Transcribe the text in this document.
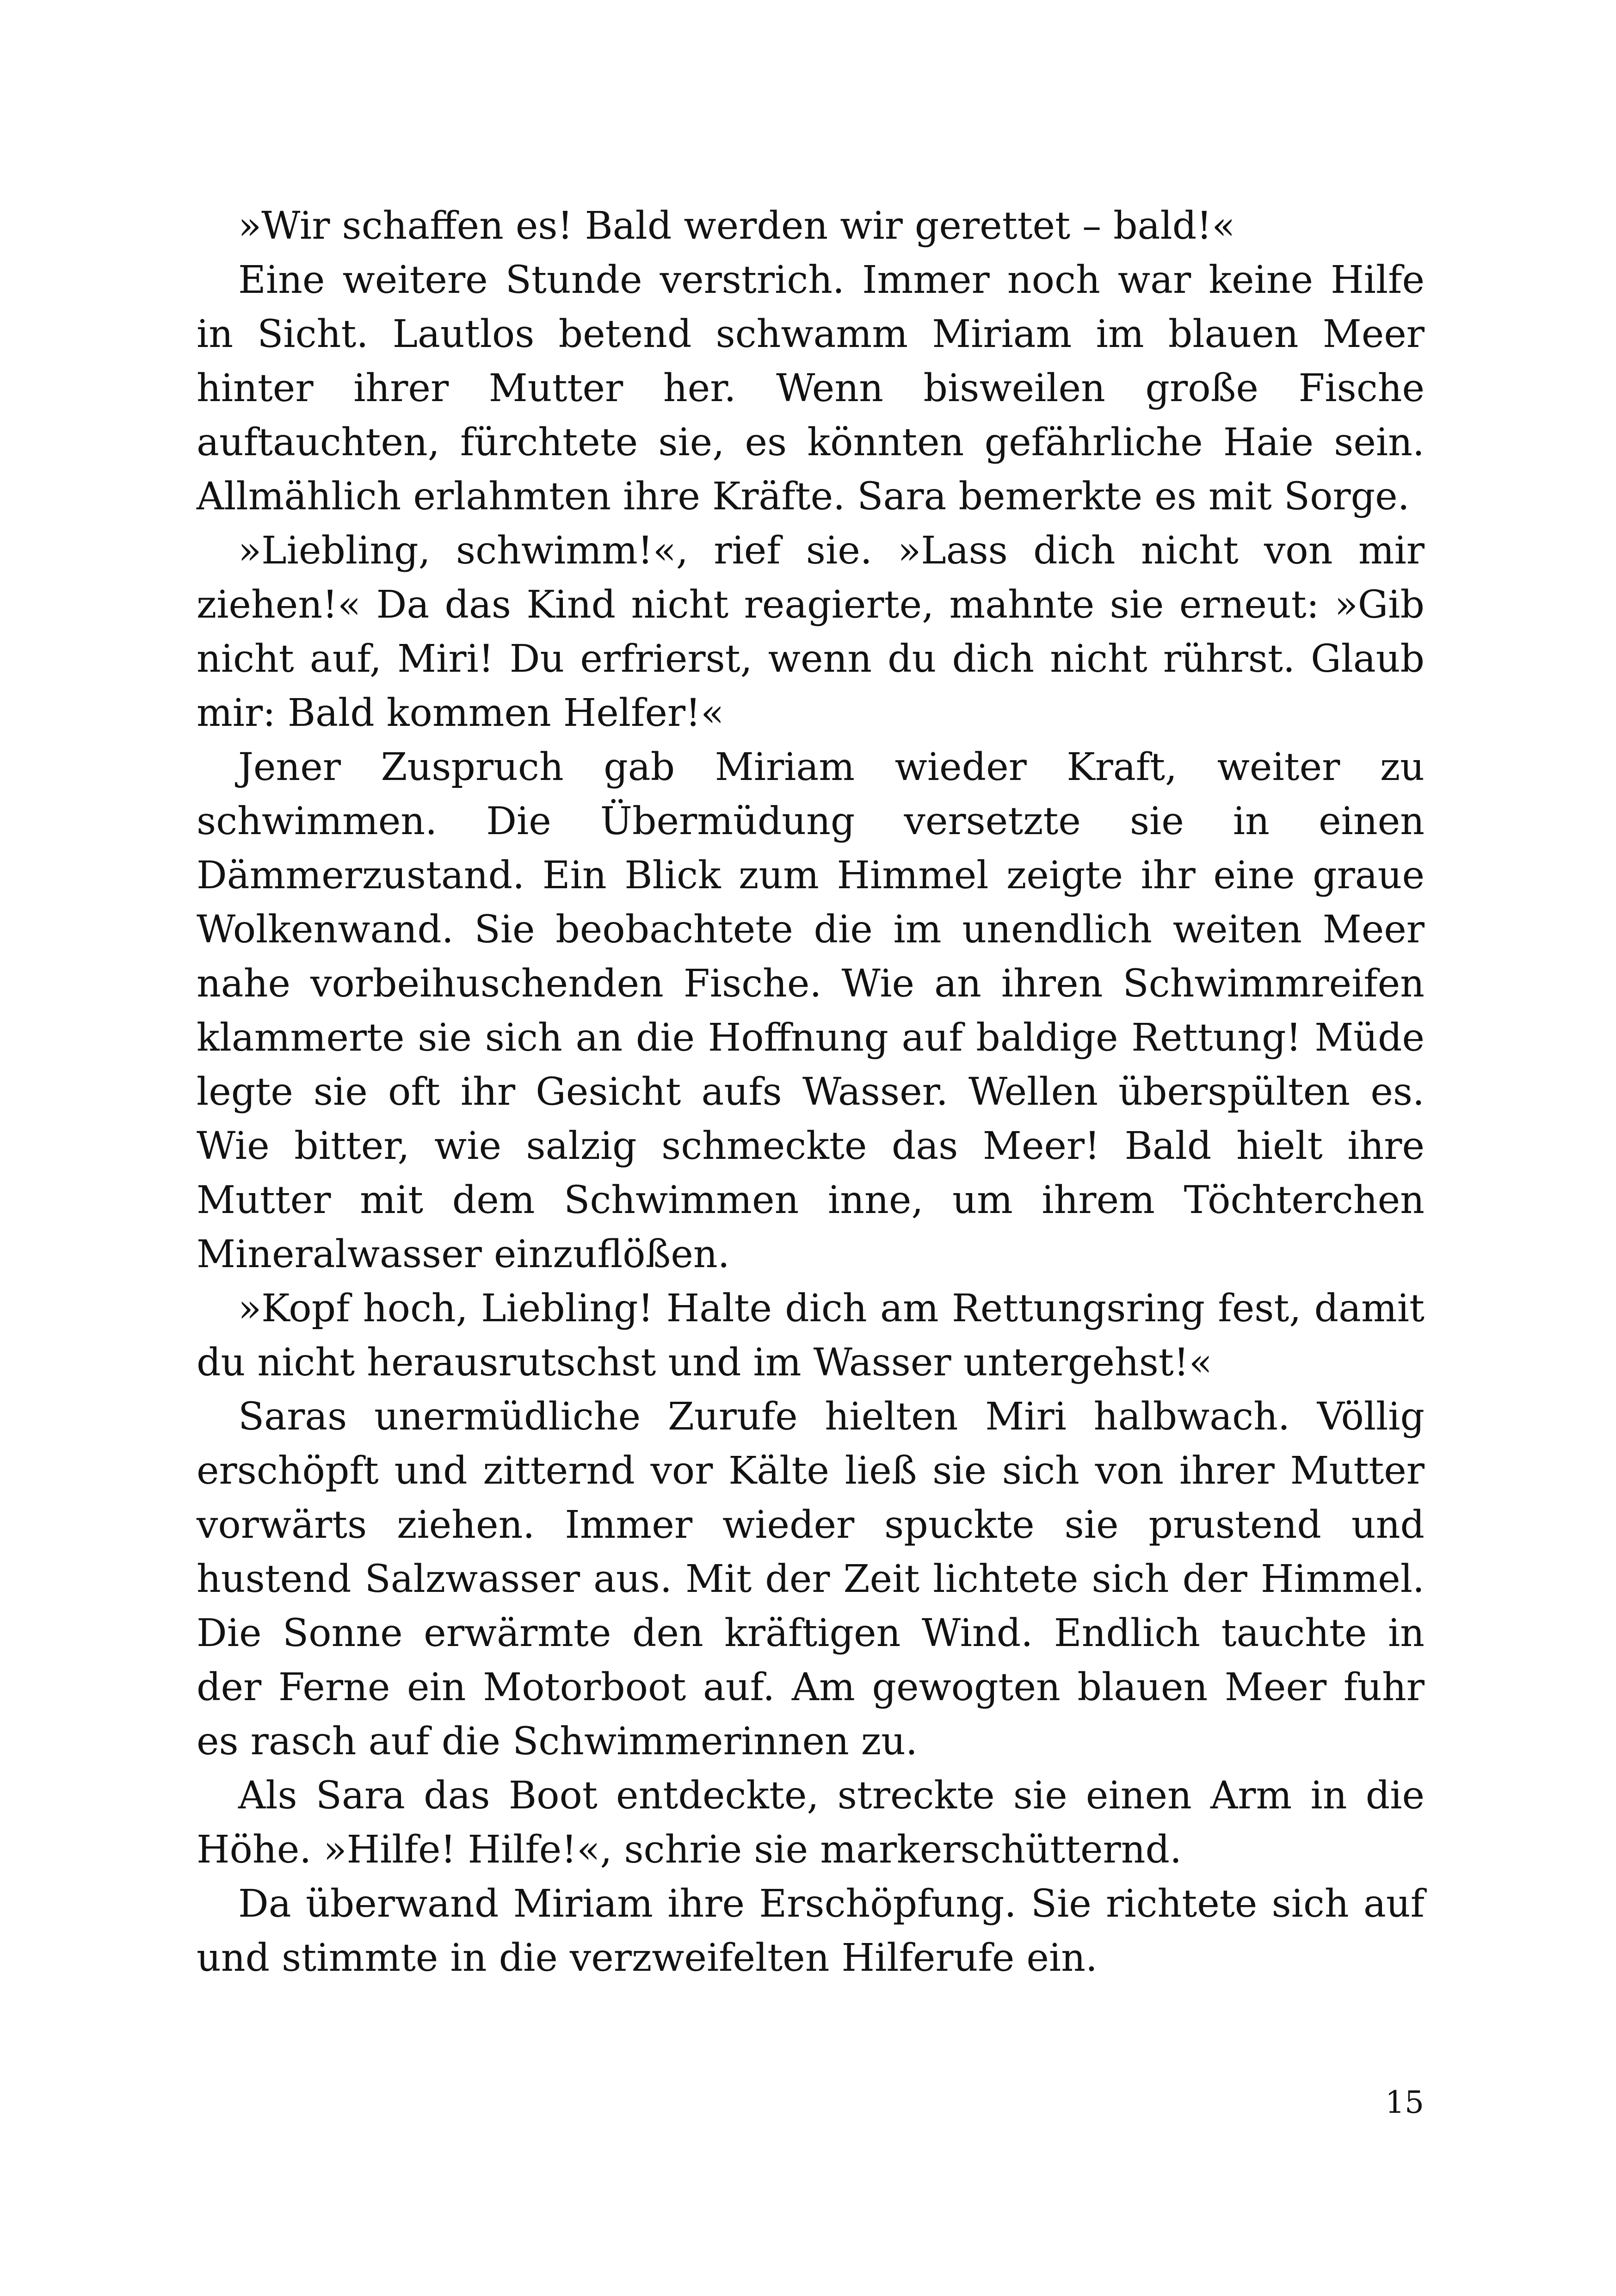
»Wir schaffen es! Bald werden wir gerettet – bald!«

Eine weitere Stunde verstrich. Immer noch war keine Hilfe in Sicht. Lautlos betend schwamm Miriam im blauen Meer hinter ihrer Mutter her. Wenn bisweilen große Fische auftauchten, fürchtete sie, es könnten gefährliche Haie sein. Allmählich erlahmten ihre Kräfte. Sara bemerkte es mit Sorge.

»Liebling, schwimm!«, rief sie. »Lass dich nicht von mir ziehen!« Da das Kind nicht reagierte, mahnte sie erneut: »Gib nicht auf, Miri! Du erfrierst, wenn du dich nicht rührst. Glaub mir: Bald kommen Helfer!«

Jener Zuspruch gab Miriam wieder Kraft, weiter zu schwimmen. Die Übermüdung versetzte sie in einen Dämmerzustand. Ein Blick zum Himmel zeigte ihr eine graue Wolkenwand. Sie beobachtete die im unendlich weiten Meer nahe vorbeihuschenden Fische. Wie an ihren Schwimmreifen klammerte sie sich an die Hoffnung auf baldige Rettung! Müde legte sie oft ihr Gesicht aufs Wasser. Wellen überspülten es. Wie bitter, wie salzig schmeckte das Meer! Bald hielt ihre Mutter mit dem Schwimmen inne, um ihrem Töchterchen Mineralwasser einzuflößen.

»Kopf hoch, Liebling! Halte dich am Rettungsring fest, damit du nicht herausrutschst und im Wasser untergehst!«

Saras unermüdliche Zurufe hielten Miri halbwach. Völlig erschöpft und zitternd vor Kälte ließ sie sich von ihrer Mutter vorwärts ziehen. Immer wieder spuckte sie prustend und hustend Salzwasser aus. Mit der Zeit lichtete sich der Himmel. Die Sonne erwärmte den kräftigen Wind. Endlich tauchte in der Ferne ein Motorboot auf. Am gewogten blauen Meer fuhr es rasch auf die Schwimmerinnen zu.

Als Sara das Boot entdeckte, streckte sie einen Arm in die Höhe. »Hilfe! Hilfe!«, schrie sie markerschütternd.

Da überwand Miriam ihre Erschöpfung. Sie richtete sich auf und stimmte in die verzweifelten Hilferufe ein.

15
